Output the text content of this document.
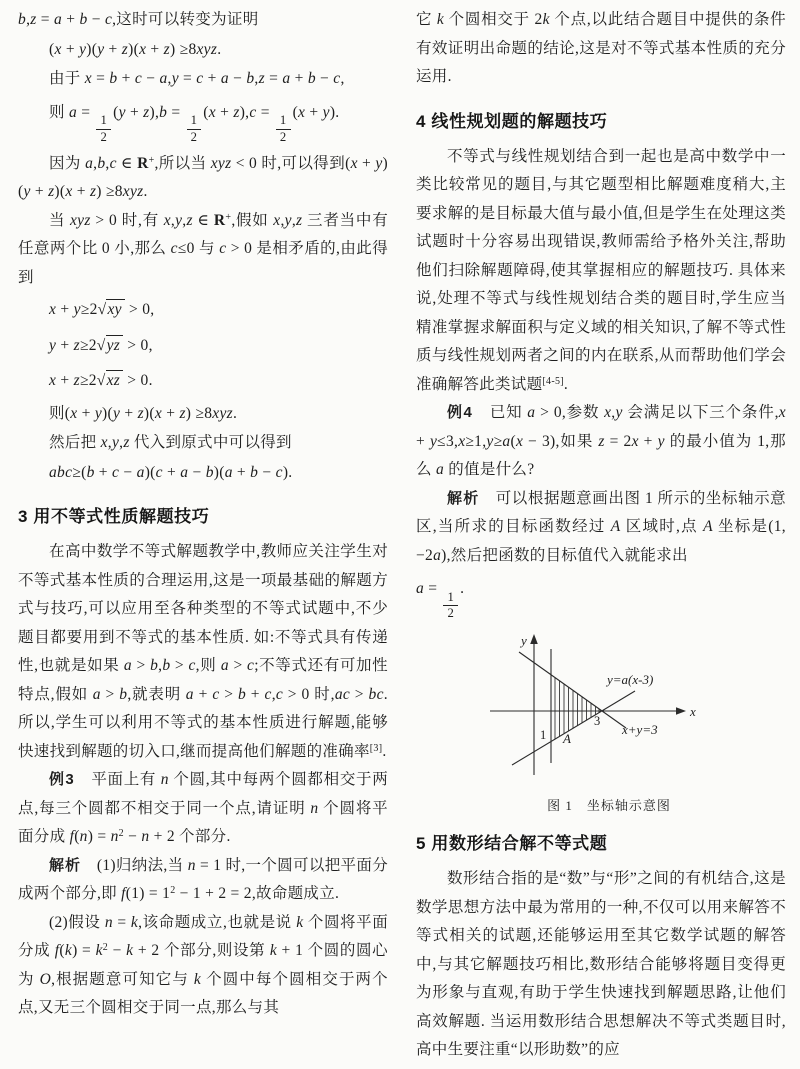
b,z = a + b − c,这时可以转变为证明

(x + y)(y + z)(x + z) ≥8xyz.

由于 x = b + c − a,y = c + a − b,z = a + b − c,

则 a =
$\frac{1}{2}$
(y + z),b =
$\frac{1}{2}$
(x + z),c =
$\frac{1}{2}$
(x + y).

因为 a,b,c ∈ R+,所以当 xyz < 0 时,可以得到(x + y)(y + z)(x + z) ≥8xyz.

当 xyz > 0 时,有 x,y,z ∈ R+,假如 x,y,z 三者当中有任意两个比 0 小,那么 c≤0 与 c > 0 是相矛盾的,由此得到

x + y≥2√xy > 0,
y + z≥2√yz > 0,
x + z≥2√xz > 0.
则(x + y)(y + z)(x + z) ≥8xyz.

然后把 x,y,z 代入到原式中可以得到

abc≥(b + c − a)(c + a − b)(a + b − c).
3 用不等式性质解题技巧

在高中数学不等式解题教学中,教师应关注学生对不等式基本性质的合理运用,这是一项最基础的解题方式与技巧,可以应用至各种类型的不等式试题中,不少题目都要用到不等式的基本性质. 如:不等式具有传递性,也就是如果 a > b,b > c,则 a > c;不等式还有可加性特点,假如 a > b,就表明 a + c > b + c,c > 0 时,ac > bc. 所以,学生可以利用不等式的基本性质进行解题,能够快速找到解题的切入口,继而提高他们解题的准确率[3].

例3　平面上有 n 个圆,其中每两个圆都相交于两点,每三个圆都不相交于同一个点,请证明 n 个圆将平面分成 $f(n) = n^2 - n + 2$ 个部分.

解析　(1)归纳法,当 n = 1 时,一个圆可以把平面分成两个部分,即 $f(1) = 1^2 - 1 + 2 = 2$,故命题成立.

(2)假设 n = k,该命题成立,也就是说 k 个圆将平面分成 $f(k) = k^2 - k + 2$ 个部分,则设第 k + 1 个圆的圆心为 O,根据题意可知它与 k 个圆中每个圆相交于两个点,又无三个圆相交于同一点,那么与其

它 k 个圆相交于 2k 个点,以此结合题目中提供的条件有效证明出命题的结论,这是对不等式基本性质的充分运用.

4 线性规划题的解题技巧

不等式与线性规划结合到一起也是高中数学中一类比较常见的题目,与其它题型相比解题难度稍大,主要求解的是目标最大值与最小值,但是学生在处理这类试题时十分容易出现错误,教师需给予格外关注,帮助他们扫除解题障碍,使其掌握相应的解题技巧. 具体来说,处理不等式与线性规划结合类的题目时,学生应当精准掌握求解面积与定义域的相关知识,了解不等式性质与线性规划两者之间的内在联系,从而帮助他们学会准确解答此类试题[4-5].

例4　已知 a > 0,参数 x,y 会满足以下三个条件,x + y≤3,x≥1,y≥a(x − 3),如果 z = 2x + y 的最小值为 1,那么 a 的值是什么?

解析　可以根据题意画出图 1 所示的坐标轴示意区,当所求的目标函数经过 A 区域时,点 A 坐标是(1, −2a),然后把函数的目标值代入就能求出

a =
$\frac{1}{2}$
.
y
x
y=a(x-3)
x+y=3
3
1 A
图 1　坐标轴示意图
5 用数形结合解不等式题

数形结合指的是“数”与“形”之间的有机结合,这是数学思想方法中最为常用的一种,不仅可以用来解答不等式相关的试题,还能够运用至其它数学试题的解答中,与其它解题技巧相比,数形结合能够将题目变得更为形象与直观,有助于学生快速找到解题思路,让他们高效解题. 当运用数形结合思想解决不等式类题目时,高中生要注重“以形助数”的应
